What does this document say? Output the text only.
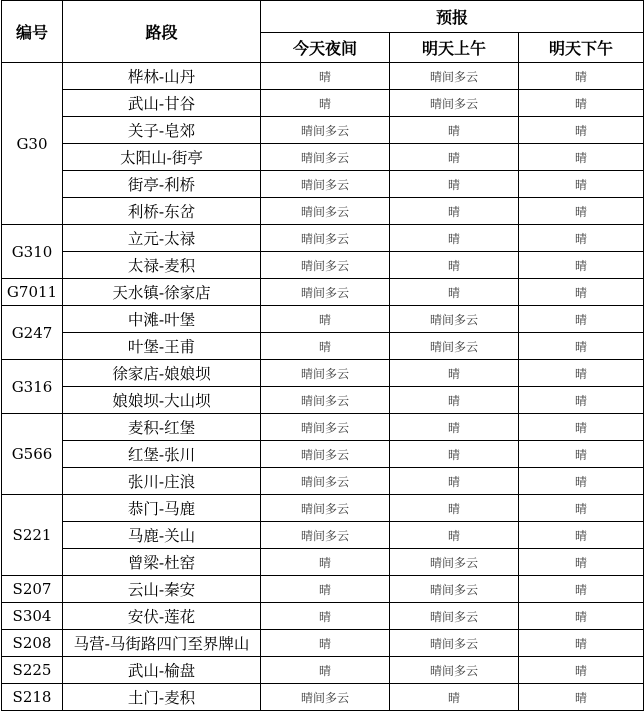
编号	路段	预报		
		今天夜间	明天上午	明天下午
G30	桦林-山丹	晴	晴间多云	晴
	武山-甘谷	晴	晴间多云	晴
	关子-皂郊	晴间多云	晴	晴
	太阳山-街亭	晴间多云	晴	晴
	街亭-利桥	晴间多云	晴	晴
	利桥-东岔	晴间多云	晴	晴
G310	立元-太禄	晴间多云	晴	晴
	太禄-麦积	晴间多云	晴	晴
G7011	天水镇-徐家店	晴间多云	晴	晴
G247	中滩-叶堡	晴	晴间多云	晴
	叶堡-王甫	晴	晴间多云	晴
G316	徐家店-娘娘坝	晴间多云	晴	晴
	娘娘坝-大山坝	晴间多云	晴	晴
G566	麦积-红堡	晴间多云	晴	晴
	红堡-张川	晴间多云	晴	晴
	张川-庄浪	晴间多云	晴	晴
S221	恭门-马鹿	晴间多云	晴	晴
	马鹿-关山	晴间多云	晴	晴
	曾梁-杜窑	晴	晴间多云	晴
S207	云山-秦安	晴	晴间多云	晴
S304	安伏-莲花	晴	晴间多云	晴
S208	马营-马街路四门至界牌山	晴	晴间多云	晴
S225	武山-榆盘	晴	晴间多云	晴
S218	土门-麦积	晴间多云	晴	晴
